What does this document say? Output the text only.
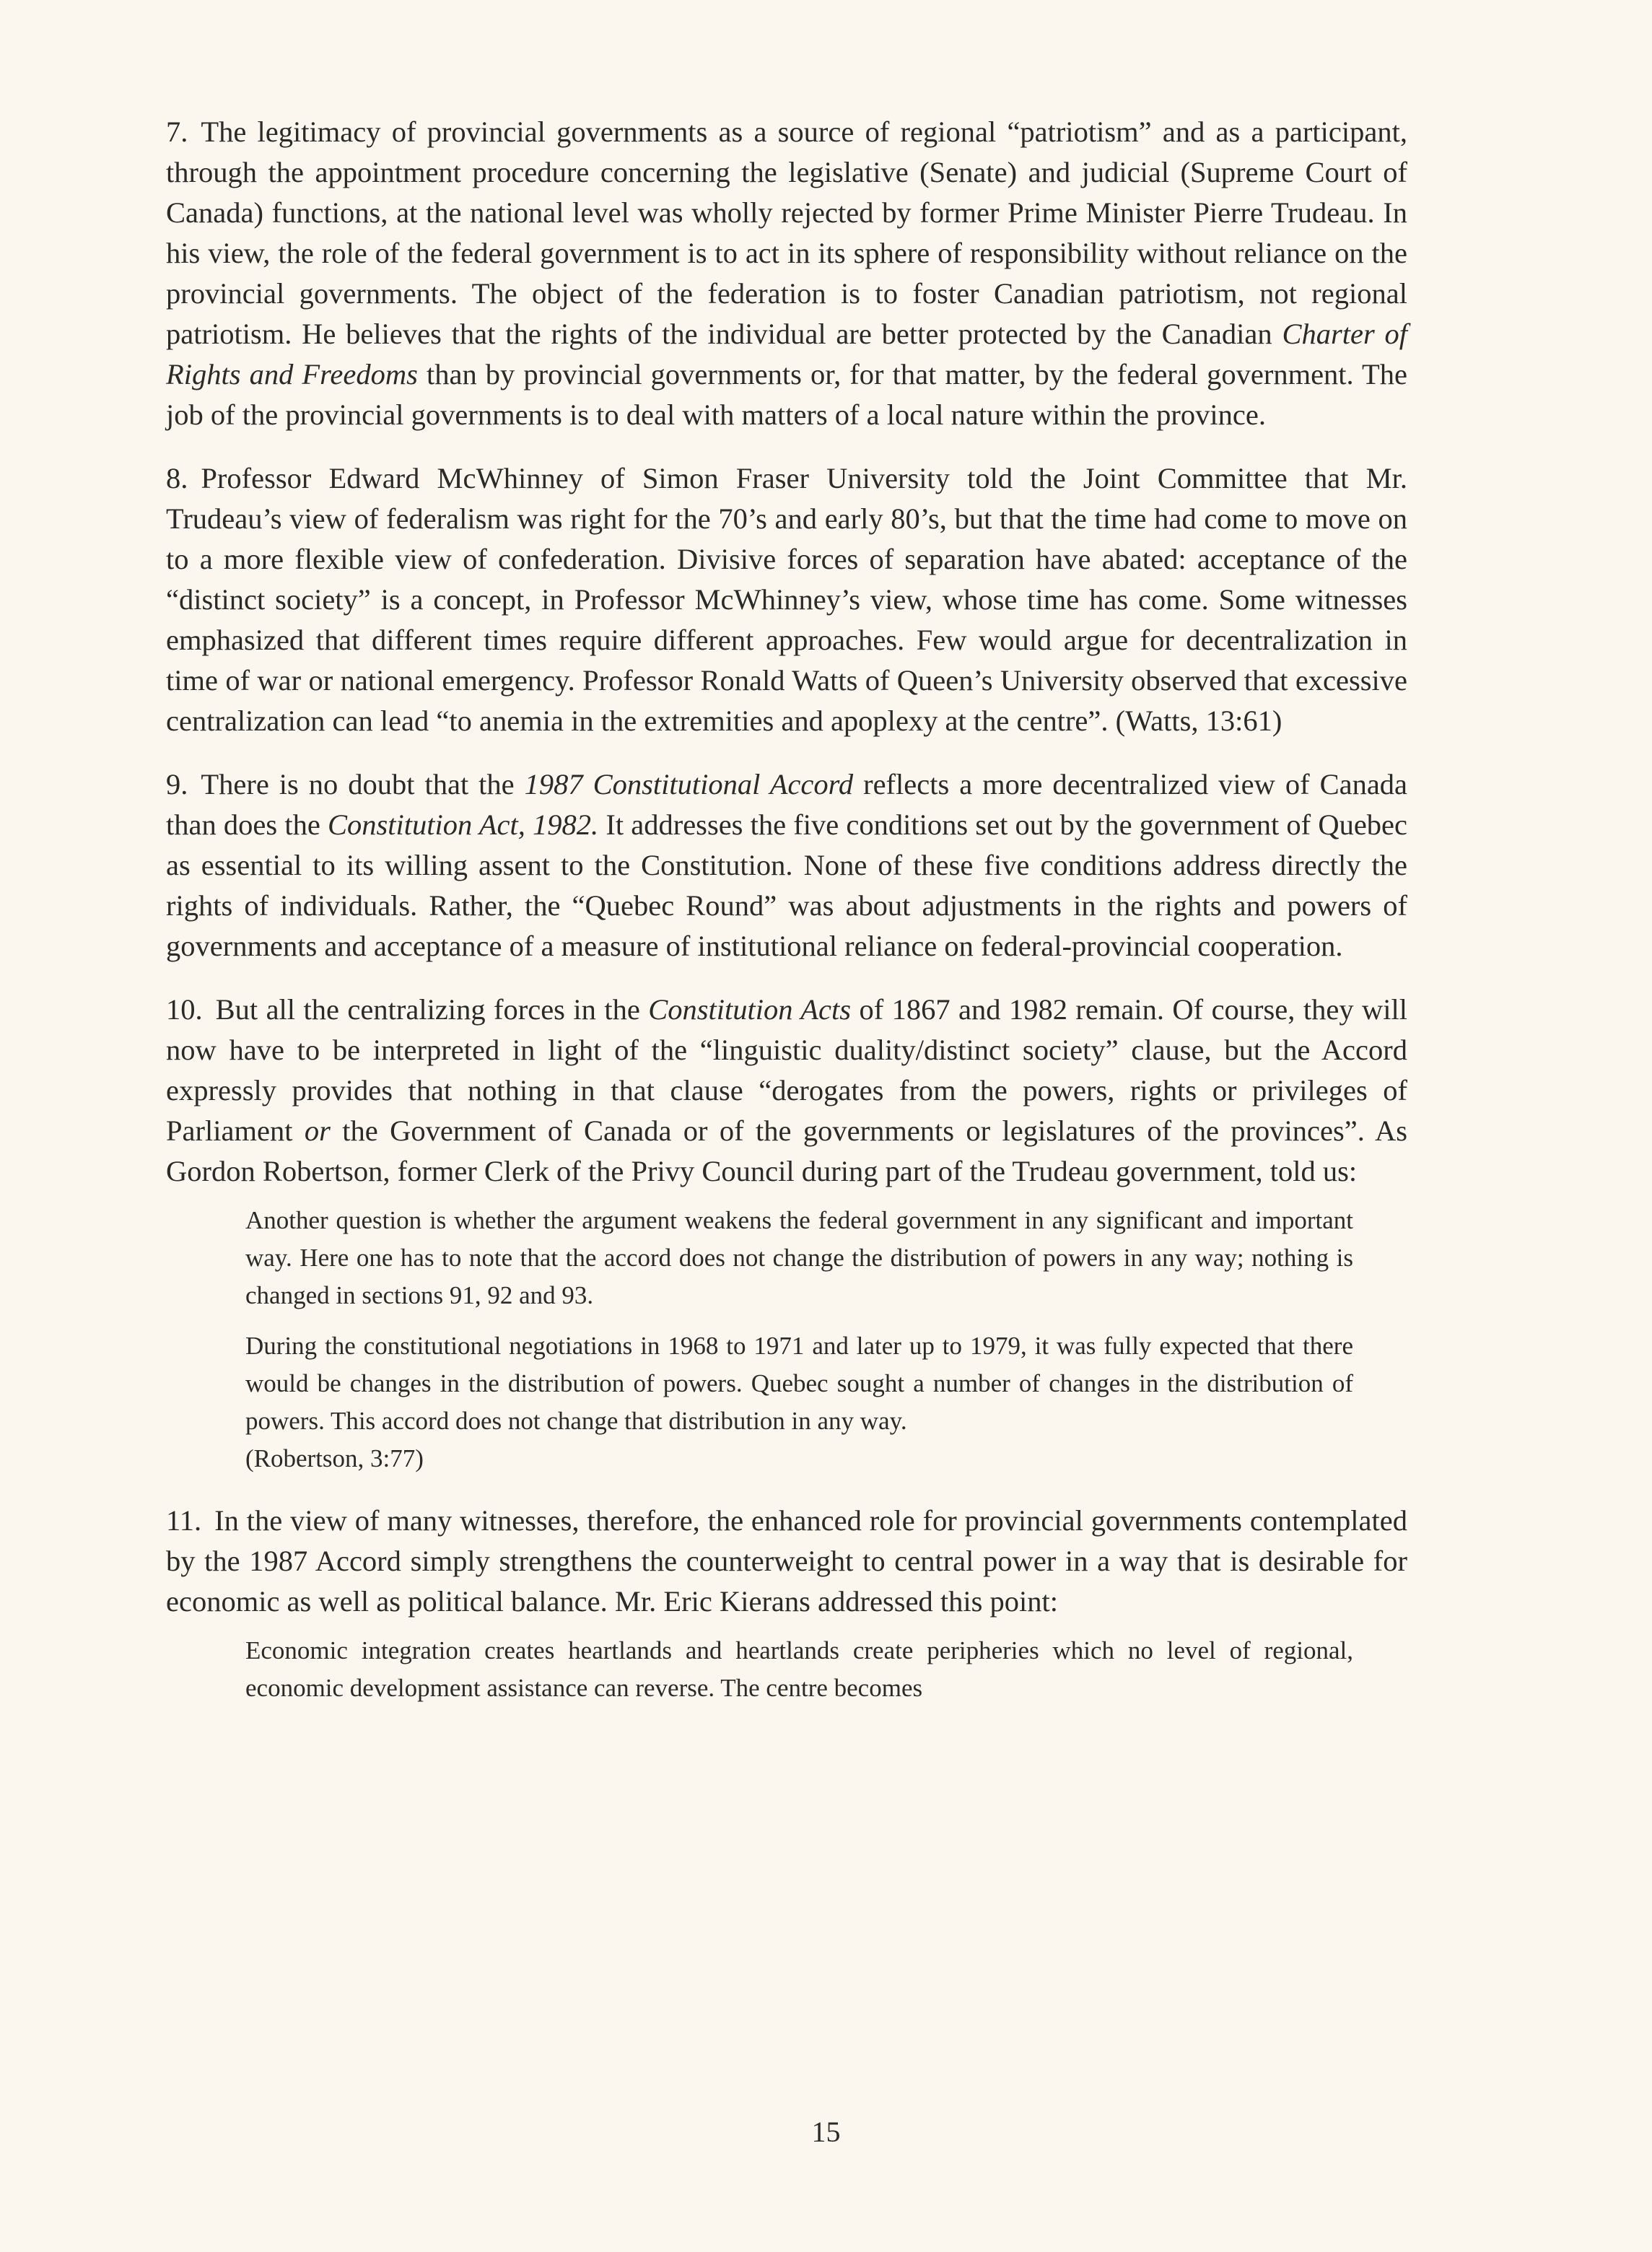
7. The legitimacy of provincial governments as a source of regional “patriotism” and as a participant, through the appointment procedure concerning the legislative (Senate) and judicial (Supreme Court of Canada) functions, at the national level was wholly rejected by former Prime Minister Pierre Trudeau. In his view, the role of the federal government is to act in its sphere of responsibility without reliance on the provincial governments. The object of the federation is to foster Canadian patriotism, not regional patriotism. He believes that the rights of the individual are better protected by the Canadian Charter of Rights and Freedoms than by provincial governments or, for that matter, by the federal government. The job of the provincial governments is to deal with matters of a local nature within the province.

8. Professor Edward McWhinney of Simon Fraser University told the Joint Committee that Mr. Trudeau’s view of federalism was right for the 70’s and early 80’s, but that the time had come to move on to a more flexible view of confederation. Divisive forces of separation have abated: acceptance of the “distinct society” is a concept, in Professor McWhinney’s view, whose time has come. Some witnesses emphasized that different times require different approaches. Few would argue for decentralization in time of war or national emergency. Professor Ronald Watts of Queen’s University observed that excessive centralization can lead “to anemia in the extremities and apoplexy at the centre”. (Watts, 13:61)

9. There is no doubt that the 1987 Constitutional Accord reflects a more decentralized view of Canada than does the Constitution Act, 1982. It addresses the five conditions set out by the government of Quebec as essential to its willing assent to the Constitution. None of these five conditions address directly the rights of individuals. Rather, the “Quebec Round” was about adjustments in the rights and powers of governments and acceptance of a measure of institutional reliance on federal-provincial cooperation.

10. But all the centralizing forces in the Constitution Acts of 1867 and 1982 remain. Of course, they will now have to be interpreted in light of the “linguistic duality/distinct society” clause, but the Accord expressly provides that nothing in that clause “derogates from the powers, rights or privileges of Parliament or the Government of Canada or of the governments or legislatures of the provinces”. As Gordon Robertson, former Clerk of the Privy Council during part of the Trudeau government, told us:

Another question is whether the argument weakens the federal government in any significant and important way. Here one has to note that the accord does not change the distribution of powers in any way; nothing is changed in sections 91, 92 and 93.

During the constitutional negotiations in 1968 to 1971 and later up to 1979, it was fully expected that there would be changes in the distribution of powers. Quebec sought a number of changes in the distribution of powers. This accord does not change that distribution in any way.

(Robertson, 3:77)

11. In the view of many witnesses, therefore, the enhanced role for provincial governments contemplated by the 1987 Accord simply strengthens the counterweight to central power in a way that is desirable for economic as well as political balance. Mr. Eric Kierans addressed this point:

Economic integration creates heartlands and heartlands create peripheries which no level of regional, economic development assistance can reverse. The centre becomes

15
